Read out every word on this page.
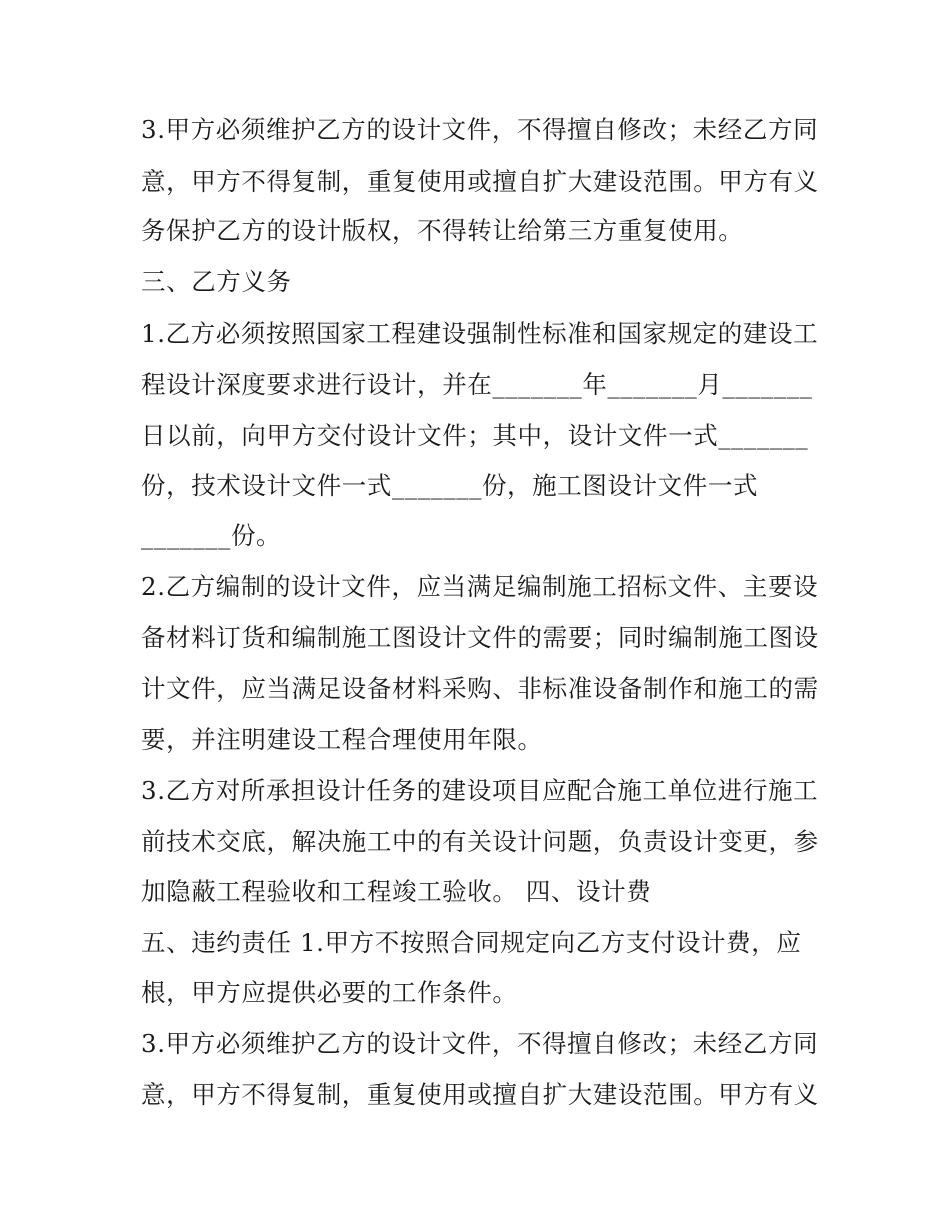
3.甲方必须维护乙方的设计文件，不得擅自修改；未经乙方同
意，甲方不得复制，重复使用或擅自扩大建设范围。甲方有义
务保护乙方的设计版权，不得转让给第三方重复使用。
三、乙方义务
1.乙方必须按照国家工程建设强制性标准和国家规定的建设工
程设计深度要求进行设计，并在_______年_______月_______
日以前，向甲方交付设计文件；其中，设计文件一式_______
份，技术设计文件一式_______份，施工图设计文件一式
_______份。
2.乙方编制的设计文件，应当满足编制施工招标文件、主要设
备材料订货和编制施工图设计文件的需要；同时编制施工图设
计文件，应当满足设备材料采购、非标准设备制作和施工的需
要，并注明建设工程合理使用年限。
3.乙方对所承担设计任务的建设项目应配合施工单位进行施工
前技术交底，解决施工中的有关设计问题，负责设计变更，参
加隐蔽工程验收和工程竣工验收。 四、设计费
五、违约责任 1.甲方不按照合同规定向乙方支付设计费，应
根，甲方应提供必要的工作条件。
3.甲方必须维护乙方的设计文件，不得擅自修改；未经乙方同
意，甲方不得复制，重复使用或擅自扩大建设范围。甲方有义
